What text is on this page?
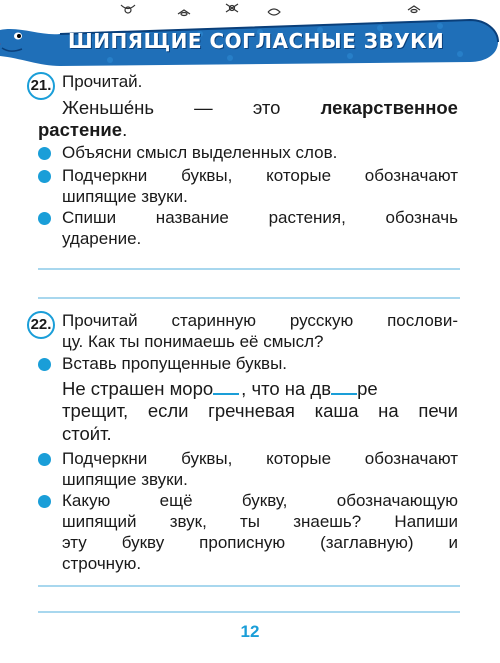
ШИПЯЩИЕ СОГЛАСНЫЕ ЗВУКИ
21. Прочитай.
Женьше́нь — это лекарственное
растение.
Объясни смысл выделенных слов.
Подчеркни буквы, которые обозначают
шипящие звуки.
Спиши название растения, обозначь
ударение.
22. Прочитай старинную русскую послови-
цу. Как ты понимаешь её смысл?
Вставь пропущенные буквы.
Не страшен моро , что на дв ре
трещит, если гречневая каша на печи
стои́т.
Подчеркни буквы, которые обозначают
шипящие звуки.
Какую ещё букву, обозначающую
шипящий звук, ты знаешь? Напиши
эту букву прописную (заглавную) и
строчную.
12
